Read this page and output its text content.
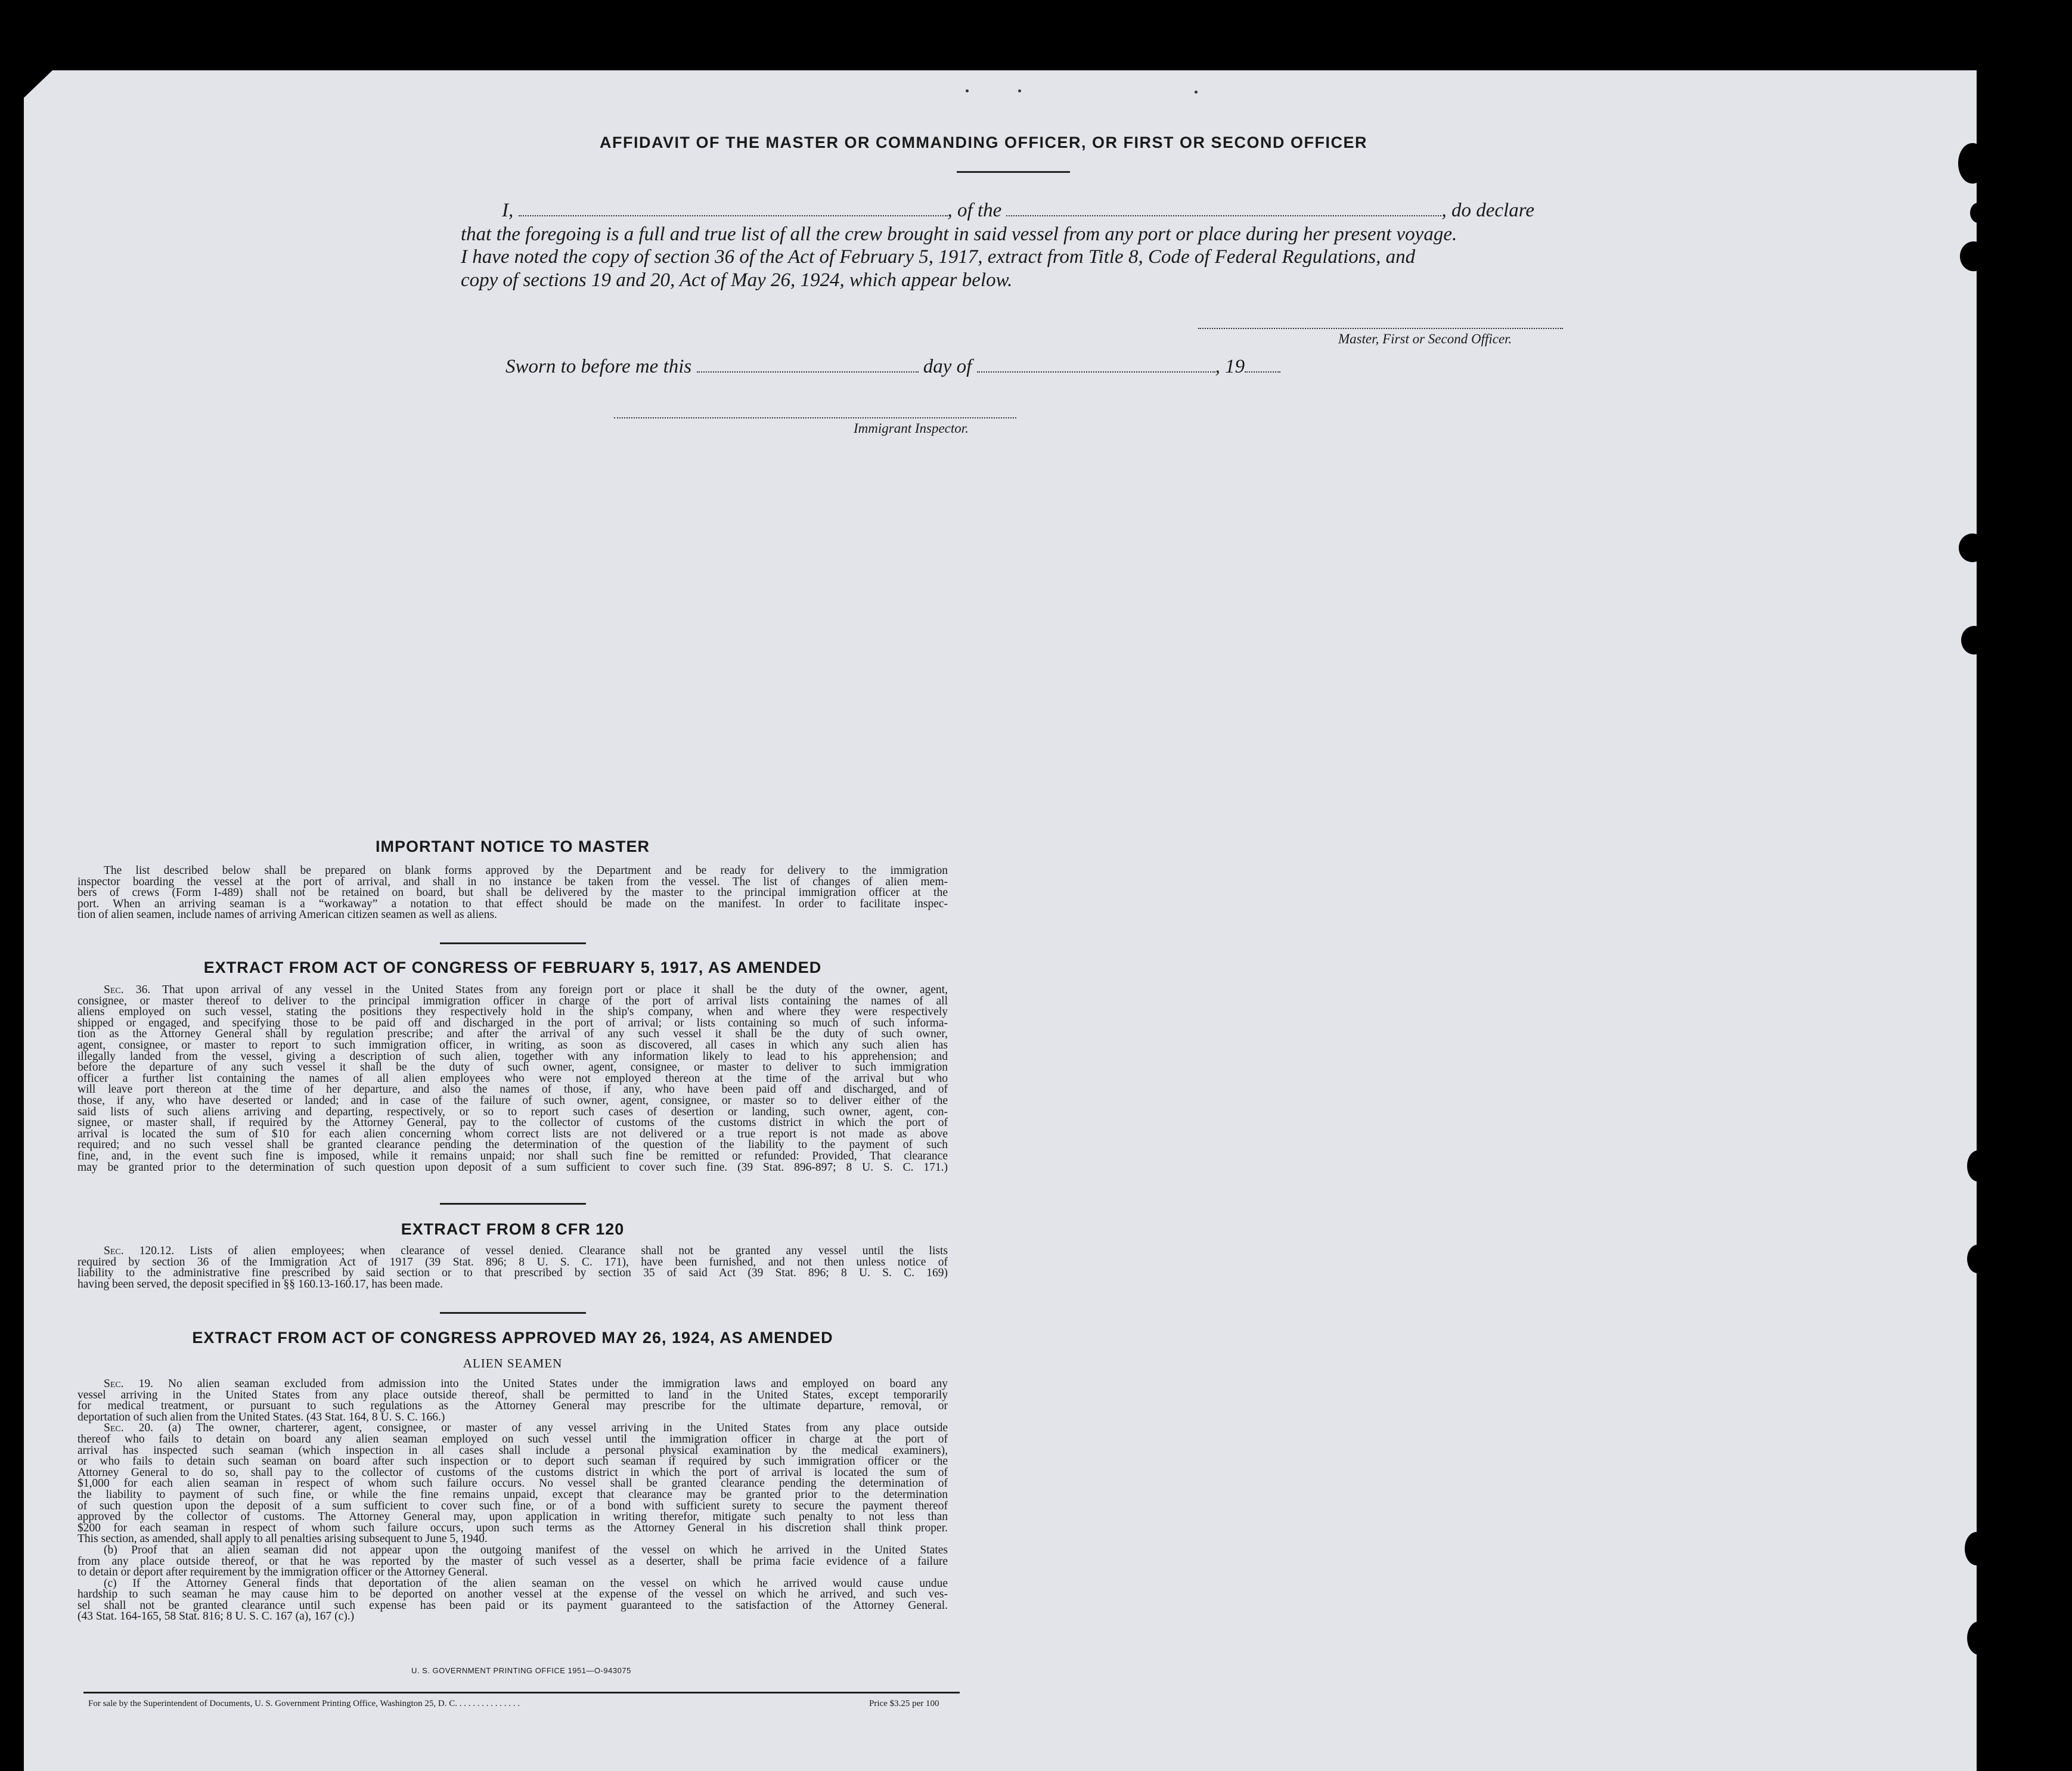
AFFIDAVIT OF THE MASTER OR COMMANDING OFFICER, OR FIRST OR SECOND OFFICER
I,	, of the	, do declare
that the foregoing is a full and true list of all the crew brought in said vessel from any port or place during her present voyage.
I have noted the copy of section 36 of the Act of February 5, 1917, extract from Title 8, Code of Federal Regulations, and
copy of sections 19 and 20, Act of May 26, 1924, which appear below.
Master, First or Second Officer.
Sworn to before me this	day of	, 19
Immigrant Inspector.
IMPORTANT NOTICE TO MASTER

The list described below shall be prepared on blank forms approved by the Department and be ready for delivery to the immigration

inspector boarding the vessel at the port of arrival, and shall in no instance be taken from the vessel. The list of changes of alien mem-

bers of crews (Form I-489) shall not be retained on board, but shall be delivered by the master to the principal immigration officer at the

port. When an arriving seaman is a “workaway” a notation to that effect should be made on the manifest. In order to facilitate inspec-

tion of alien seamen, include names of arriving American citizen seamen as well as aliens.

EXTRACT FROM ACT OF CONGRESS OF FEBRUARY 5, 1917, AS AMENDED

Sec. 36. That upon arrival of any vessel in the United States from any foreign port or place it shall be the duty of the owner, agent,

consignee, or master thereof to deliver to the principal immigration officer in charge of the port of arrival lists containing the names of all

aliens employed on such vessel, stating the positions they respectively hold in the ship's company, when and where they were respectively

shipped or engaged, and specifying those to be paid off and discharged in the port of arrival; or lists containing so much of such informa-

tion as the Attorney General shall by regulation prescribe; and after the arrival of any such vessel it shall be the duty of such owner,

agent, consignee, or master to report to such immigration officer, in writing, as soon as discovered, all cases in which any such alien has

illegally landed from the vessel, giving a description of such alien, together with any information likely to lead to his apprehension; and

before the departure of any such vessel it shall be the duty of such owner, agent, consignee, or master to deliver to such immigration

officer a further list containing the names of all alien employees who were not employed thereon at the time of the arrival but who

will leave port thereon at the time of her departure, and also the names of those, if any, who have been paid off and discharged, and of

those, if any, who have deserted or landed; and in case of the failure of such owner, agent, consignee, or master so to deliver either of the

said lists of such aliens arriving and departing, respectively, or so to report such cases of desertion or landing, such owner, agent, con-

signee, or master shall, if required by the Attorney General, pay to the collector of customs of the customs district in which the port of

arrival is located the sum of $10 for each alien concerning whom correct lists are not delivered or a true report is not made as above

required; and no such vessel shall be granted clearance pending the determination of the question of the liability to the payment of such

fine, and, in the event such fine is imposed, while it remains unpaid; nor shall such fine be remitted or refunded: Provided, That clearance

may be granted prior to the determination of such question upon deposit of a sum sufficient to cover such fine. (39 Stat. 896-897; 8 U. S. C. 171.)

EXTRACT FROM 8 CFR 120

Sec. 120.12. Lists of alien employees; when clearance of vessel denied. Clearance shall not be granted any vessel until the lists

required by section 36 of the Immigration Act of 1917 (39 Stat. 896; 8 U. S. C. 171), have been furnished, and not then unless notice of

liability to the administrative fine prescribed by said section or to that prescribed by section 35 of said Act (39 Stat. 896; 8 U. S. C. 169)

having been served, the deposit specified in §§ 160.13-160.17, has been made.

EXTRACT FROM ACT OF CONGRESS APPROVED MAY 26, 1924, AS AMENDED
ALIEN SEAMEN

Sec. 19. No alien seaman excluded from admission into the United States under the immigration laws and employed on board any

vessel arriving in the United States from any place outside thereof, shall be permitted to land in the United States, except temporarily

for medical treatment, or pursuant to such regulations as the Attorney General may prescribe for the ultimate departure, removal, or

deportation of such alien from the United States. (43 Stat. 164, 8 U. S. C. 166.)

Sec. 20. (a) The owner, charterer, agent, consignee, or master of any vessel arriving in the United States from any place outside

thereof who fails to detain on board any alien seaman employed on such vessel until the immigration officer in charge at the port of

arrival has inspected such seaman (which inspection in all cases shall include a personal physical examination by the medical examiners),

or who fails to detain such seaman on board after such inspection or to deport such seaman if required by such immigration officer or the

Attorney General to do so, shall pay to the collector of customs of the customs district in which the port of arrival is located the sum of

$1,000 for each alien seaman in respect of whom such failure occurs. No vessel shall be granted clearance pending the determination of

the liability to payment of such fine, or while the fine remains unpaid, except that clearance may be granted prior to the determination

of such question upon the deposit of a sum sufficient to cover such fine, or of a bond with sufficient surety to secure the payment thereof

approved by the collector of customs. The Attorney General may, upon application in writing therefor, mitigate such penalty to not less than

$200 for each seaman in respect of whom such failure occurs, upon such terms as the Attorney General in his discretion shall think proper.

This section, as amended, shall apply to all penalties arising subsequent to June 5, 1940.

(b) Proof that an alien seaman did not appear upon the outgoing manifest of the vessel on which he arrived in the United States

from any place outside thereof, or that he was reported by the master of such vessel as a deserter, shall be prima facie evidence of a failure

to detain or deport after requirement by the immigration officer or the Attorney General.

(c) If the Attorney General finds that deportation of the alien seaman on the vessel on which he arrived would cause undue

hardship to such seaman he may cause him to be deported on another vessel at the expense of the vessel on which he arrived, and such ves-

sel shall not be granted clearance until such expense has been paid or its payment guaranteed to the satisfaction of the Attorney General.

(43 Stat. 164-165, 58 Stat. 816; 8 U. S. C. 167 (a), 167 (c).)

U. S. GOVERNMENT PRINTING OFFICE 1951—O-943075
For sale by the Superintendent of Documents, U. S. Government Printing Office, Washington 25, D. C. . . . . . . . . . . . . . .	Price $3.25 per 100
